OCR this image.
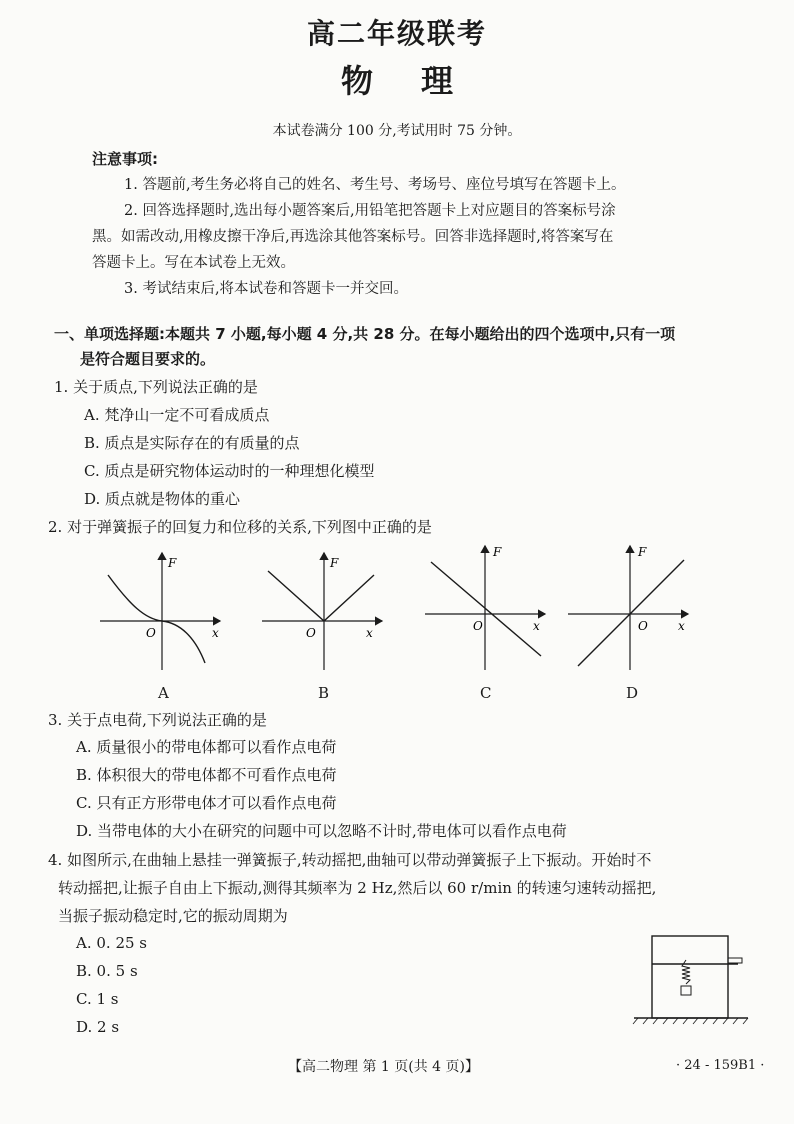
高二年级联考
物理
本试卷满分 100 分,考试用时 75 分钟。
注意事项:
1. 答题前,考生务必将自己的姓名、考生号、考场号、座位号填写在答题卡上。
2. 回答选择题时,选出每小题答案后,用铅笔把答题卡上对应题目的答案标号涂
黑。如需改动,用橡皮擦干净后,再选涂其他答案标号。回答非选择题时,将答案写在
答题卡上。写在本试卷上无效。
3. 考试结束后,将本试卷和答题卡一并交回。
一、单项选择题:本题共 7 小题,每小题 4 分,共 28 分。在每小题给出的四个选项中,只有一项
是符合题目要求的。
1. 关于质点,下列说法正确的是
A. 梵净山一定不可看成质点
B. 质点是实际存在的有质量的点
C. 质点是研究物体运动时的一种理想化模型
D. 质点就是物体的重心
2. 对于弹簧振子的回复力和位移的关系,下列图中正确的是
F
x
O
F
x
O
F
x
O
F
x
O
A	B	C	D
3. 关于点电荷,下列说法正确的是
A. 质量很小的带电体都可以看作点电荷
B. 体积很大的带电体都不可看作点电荷
C. 只有正方形带电体才可以看作点电荷
D. 当带电体的大小在研究的问题中可以忽略不计时,带电体可以看作点电荷
4. 如图所示,在曲轴上悬挂一弹簧振子,转动摇把,曲轴可以带动弹簧振子上下振动。开始时不
转动摇把,让振子自由上下振动,测得其频率为 2 Hz,然后以 60 r/min 的转速匀速转动摇把,
当振子振动稳定时,它的振动周期为
A. 0. 25 s
B. 0. 5 s
C. 1 s
D. 2 s
【高二物理 第 1 页(共 4 页)】	· 24 - 159B1 ·
